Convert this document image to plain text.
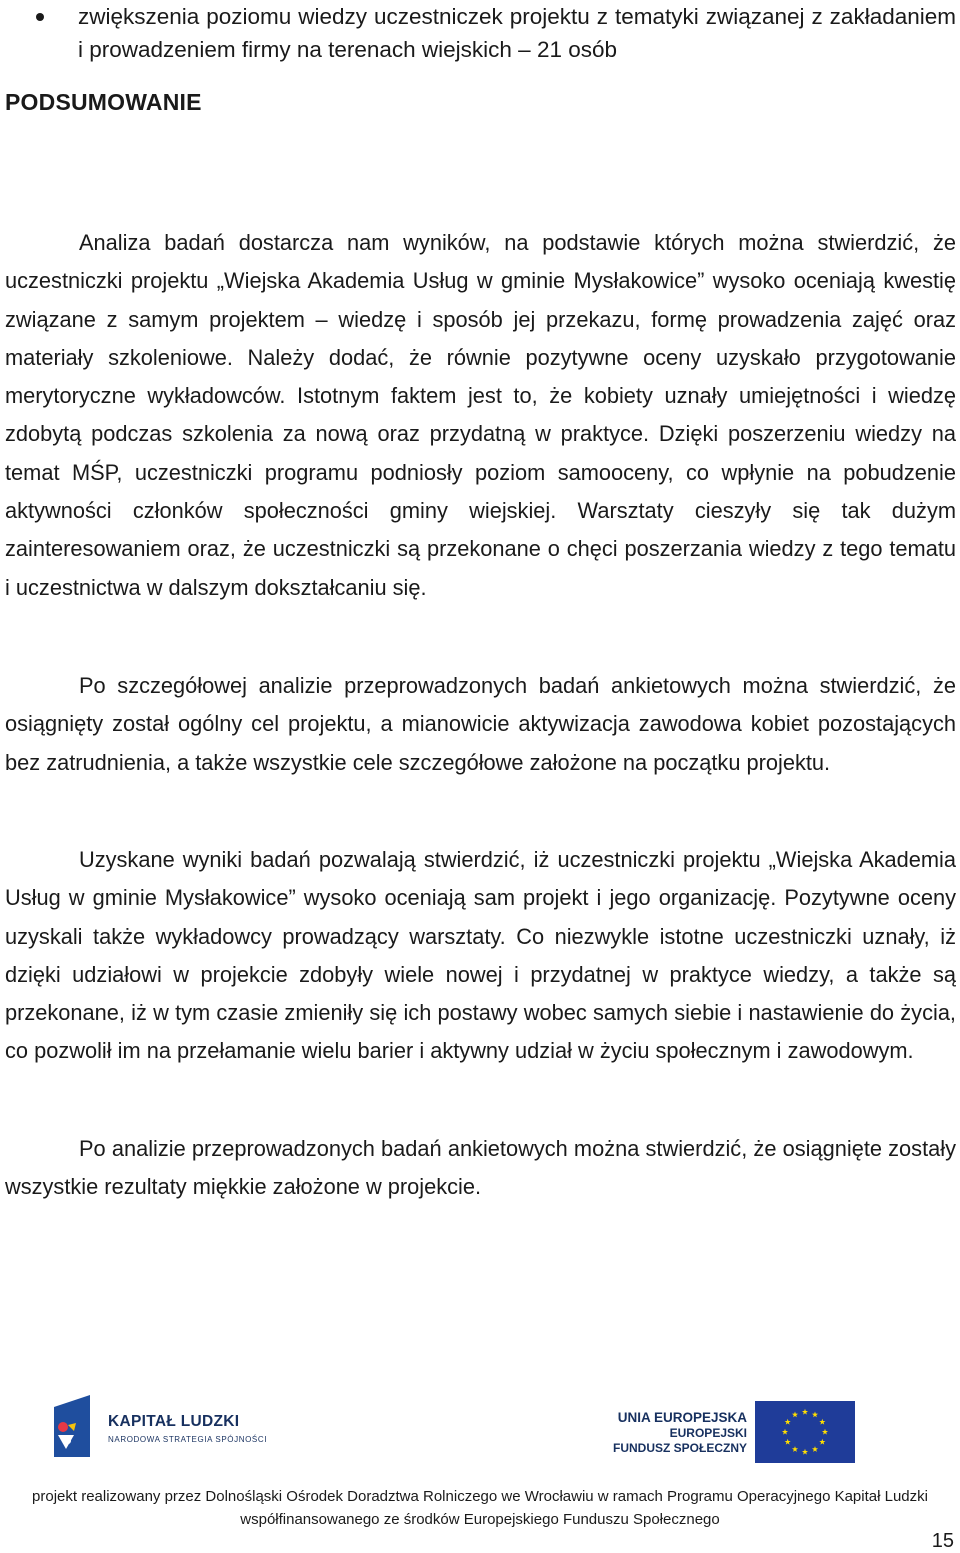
zwiększenia poziomu wiedzy uczestniczek projektu z tematyki związanej z zakładaniem i prowadzeniem firmy na terenach wiejskich – 21 osób
PODSUMOWANIE

Analiza badań dostarcza nam wyników, na podstawie których można stwierdzić, że uczestniczki projektu „Wiejska Akademia Usług w gminie Mysłakowice” wysoko oceniają kwestię związane z samym projektem – wiedzę i sposób jej przekazu, formę prowadzenia zajęć oraz materiały szkoleniowe. Należy dodać, że równie pozytywne oceny uzyskało przygotowanie merytoryczne wykładowców. Istotnym faktem jest to, że kobiety uznały umiejętności i wiedzę zdobytą podczas szkolenia za nową oraz przydatną w praktyce. Dzięki poszerzeniu wiedzy na temat MŚP, uczestniczki programu podniosły poziom samooceny, co wpłynie na pobudzenie aktywności członków społeczności gminy wiejskiej. Warsztaty cieszyły się tak dużym zainteresowaniem oraz, że uczestniczki są przekonane o chęci poszerzania wiedzy z tego tematu i uczestnictwa w dalszym dokształcaniu się.

Po szczegółowej analizie przeprowadzonych badań ankietowych można stwierdzić, że osiągnięty został ogólny cel projektu, a mianowicie aktywizacja zawodowa kobiet pozostających bez zatrudnienia, a także wszystkie cele szczegółowe założone na początku projektu.

Uzyskane wyniki badań pozwalają stwierdzić, iż uczestniczki projektu „Wiejska Akademia Usług w gminie Mysłakowice” wysoko oceniają sam projekt i jego organizację. Pozytywne oceny uzyskali także wykładowcy prowadzący warsztaty. Co niezwykle istotne uczestniczki uznały, iż dzięki udziałowi w projekcie zdobyły wiele nowej i przydatnej w praktyce wiedzy, a także są przekonane, iż w tym czasie zmieniły się ich postawy wobec samych siebie i nastawienie do życia, co pozwolił im na przełamanie wielu barier i aktywny udział w życiu społecznym i zawodowym.

Po analizie przeprowadzonych badań ankietowych można stwierdzić, że osiągnięte zostały wszystkie rezultaty miękkie założone w projekcie.

KAPITAŁ LUDZKI
NARODOWA STRATEGIA SPÓJNOŚCI
UNIA EUROPEJSKA
EUROPEJSKI
FUNDUSZ SPOŁECZNY
projekt realizowany przez Dolnośląski Ośrodek Doradztwa Rolniczego we Wrocławiu w ramach Programu Operacyjnego Kapitał Ludzki
współfinansowanego ze środków Europejskiego Funduszu Społecznego
15
